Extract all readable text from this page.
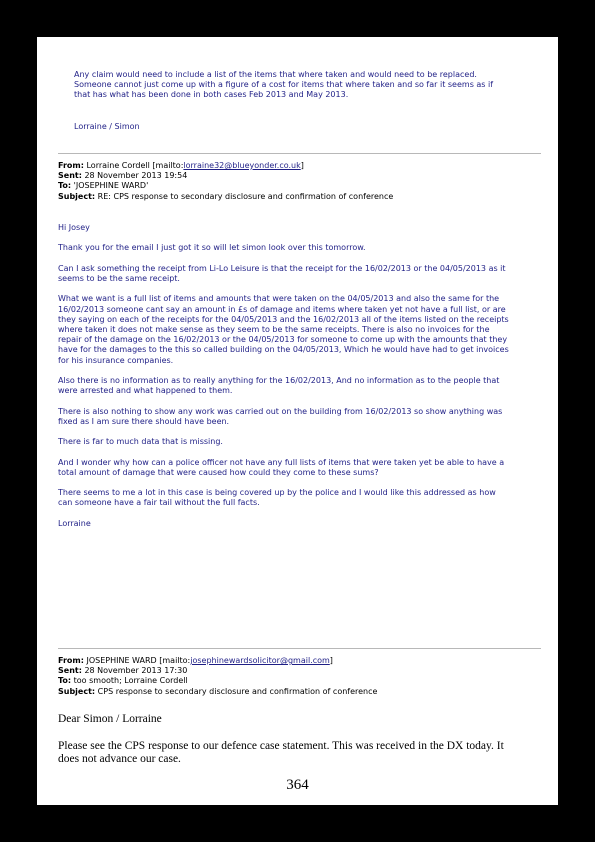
Any claim would need to include a list of the items that where taken and would need to be replaced.
Someone cannot just come up with a figure of a cost for items that where taken and so far it seems as if
that has what has been done in both cases Feb 2013 and May 2013.

Lorraine / Simon

From: Lorraine Cordell [mailto:lorraine32@blueyonder.co.uk]
Sent: 28 November 2013 19:54
To: 'JOSEPHINE WARD'
Subject: RE: CPS response to secondary disclosure and confirmation of conference

Hi Josey

Thank you for the email I just got it so will let simon look over this tomorrow.

Can I ask something the receipt from Li-Lo Leisure is that the receipt for the 16/02/2013 or the 04/05/2013 as it
seems to be the same receipt.

What we want is a full list of items and amounts that were taken on the 04/05/2013 and also the same for the
16/02/2013 someone cant say an amount in £s of damage and items where taken yet not have a full list, or are
they saying on each of the receipts for the 04/05/2013 and the 16/02/2013 all of the items listed on the receipts
where taken it does not make sense as they seem to be the same receipts. There is also no invoices for the
repair of the damage on the 16/02/2013 or the 04/05/2013 for someone to come up with the amounts that they
have for the damages to the this so called building on the 04/05/2013, Which he would have had to get invoices
for his insurance companies.

Also there is no information as to really anything for the 16/02/2013, And no information as to the people that
were arrested and what happened to them.

There is also nothing to show any work was carried out on the building from 16/02/2013 so show anything was
fixed as I am sure there should have been.

There is far to much data that is missing.

And I wonder why how can a police officer not have any full lists of items that were taken yet be able to have a
total amount of damage that were caused how could they come to these sums?

There seems to me a lot in this case is being covered up by the police and I would like this addressed as how
can someone have a fair tail without the full facts.

Lorraine

From: JOSEPHINE WARD [mailto:josephinewardsolicitor@gmail.com]
Sent: 28 November 2013 17:30
To: too smooth; Lorraine Cordell
Subject: CPS response to secondary disclosure and confirmation of conference

Dear Simon / Lorraine

Please see the CPS response to our defence case statement. This was received in the DX today. It
does not advance our case.

364
